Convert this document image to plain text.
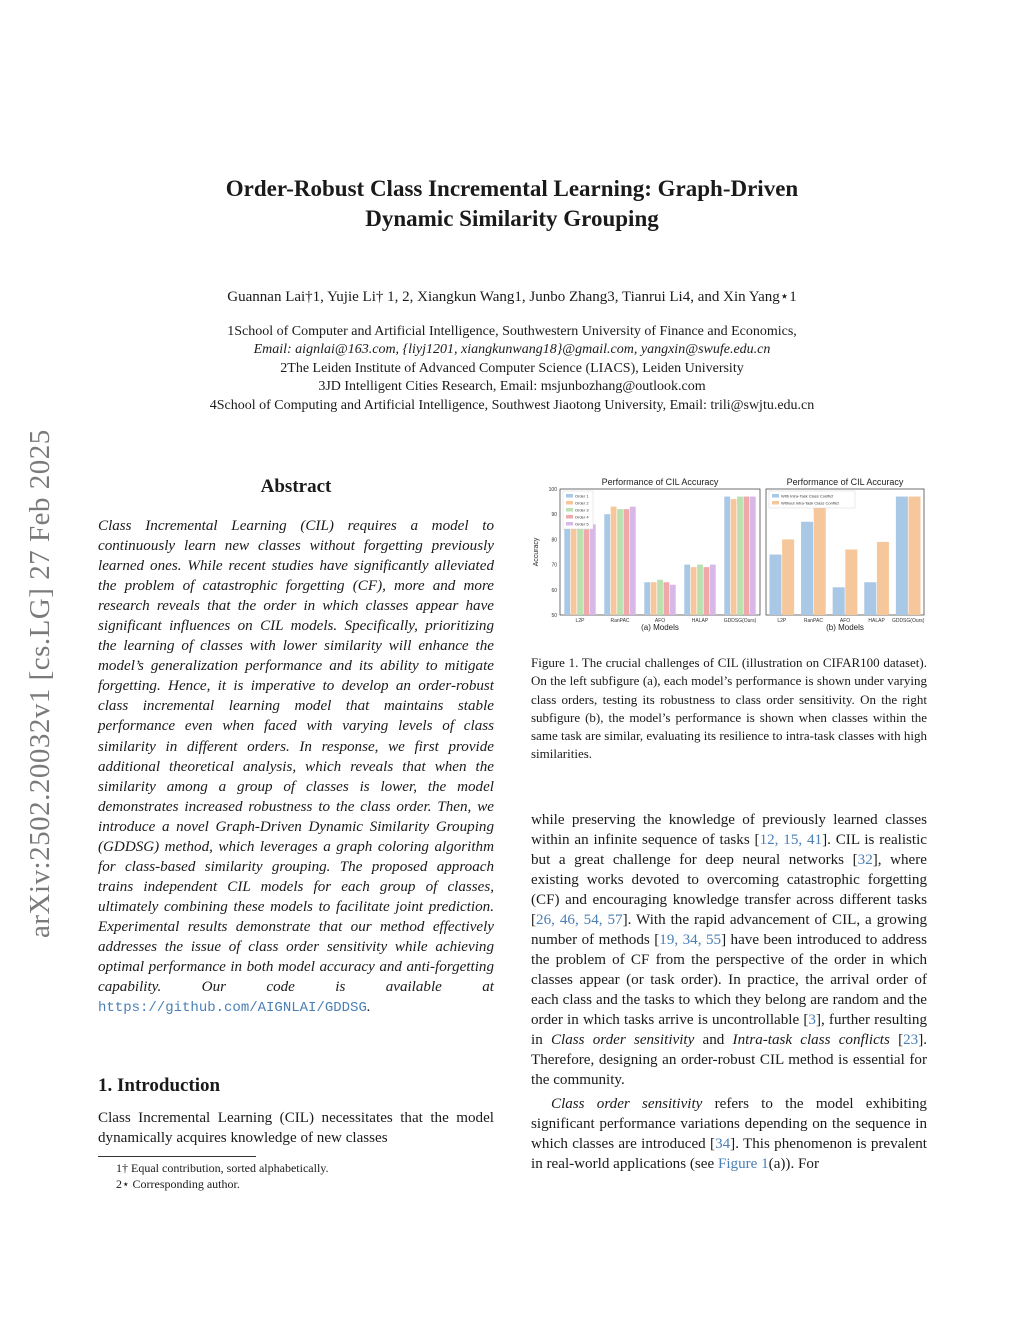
arXiv:2502.20032v1 [cs.LG] 27 Feb 2025
Order-Robust Class Incremental Learning: Graph-Driven
Dynamic Similarity Grouping
Guannan Lai†1, Yujie Li† 1, 2, Xiangkun Wang1, Junbo Zhang3, Tianrui Li4, and Xin Yang⋆1
1School of Computer and Artificial Intelligence, Southwestern University of Finance and Economics,
Email: aignlai@163.com, {liyj1201, xiangkunwang18}@gmail.com, yangxin@swufe.edu.cn
2The Leiden Institute of Advanced Computer Science (LIACS), Leiden University
3JD Intelligent Cities Research, Email: msjunbozhang@outlook.com
4School of Computing and Artificial Intelligence, Southwest Jiaotong University, Email: trili@swjtu.edu.cn
Abstract
Class Incremental Learning (CIL) requires a model to continuously learn new classes without forgetting previously learned ones. While recent studies have significantly alleviated the problem of catastrophic forgetting (CF), more and more research reveals that the order in which classes appear have significant influences on CIL models. Specifically, prioritizing the learning of classes with lower similarity will enhance the model’s generalization performance and its ability to mitigate forgetting. Hence, it is imperative to develop an order-robust class incremental learning model that maintains stable performance even when faced with varying levels of class similarity in different orders. In response, we first provide additional theoretical analysis, which reveals that when the similarity among a group of classes is lower, the model demonstrates increased robustness to the class order. Then, we introduce a novel Graph-Driven Dynamic Similarity Grouping (GDDSG) method, which leverages a graph coloring algorithm for class-based similarity grouping. The proposed approach trains independent CIL models for each group of classes, ultimately combining these models to facilitate joint prediction. Experimental results demonstrate that our method effectively addresses the issue of class order sensitivity while achieving optimal performance in both model accuracy and anti-forgetting capability. Our code is available at https://github.com/AIGNLAI/GDDSG.
1. Introduction
Class Incremental Learning (CIL) necessitates that the model dynamically acquires knowledge of new classes
1† Equal contribution, sorted alphabetically.
2⋆ Corresponding author.
Performance of CIL Accuracy
100
90
80
70
60
50
Accuracy
L2P	RanPAC	AFO	HALAP	GDDSG(Ours)
(a) Models
Order 1
Order 2
Order 3
Order 4
Order 5
Performance of CIL Accuracy
L2P	RanPAC	AFO	HALAP GDDSG(Ours)
(b) Models
With Intra-Task Class Conflict
Without Intra-Task Class Conflict
Figure 1. The crucial challenges of CIL (illustration on CIFAR100 dataset). On the left subfigure (a), each model’s performance is shown under varying class orders, testing its robustness to class order sensitivity. On the right subfigure (b), the model’s performance is shown when classes within the same task are similar, evaluating its resilience to intra-task classes with high similarities.

while preserving the knowledge of previously learned classes within an infinite sequence of tasks [12, 15, 41]. CIL is realistic but a great challenge for deep neural networks [32], where existing works devoted to overcoming catastrophic forgetting (CF) and encouraging knowledge transfer across different tasks [26, 46, 54, 57]. With the rapid advancement of CIL, a growing number of methods [19, 34, 55] have been introduced to address the problem of CF from the perspective of the order in which classes appear (or task order). In practice, the arrival order of each class and the tasks to which they belong are random and the order in which tasks arrive is uncontrollable [3], further resulting in Class order sensitivity and Intra-task class conflicts [23]. Therefore, designing an order-robust CIL method is essential for the community.

Class order sensitivity refers to the model exhibiting significant performance variations depending on the sequence in which classes are introduced [34]. This phenomenon is prevalent in real-world applications (see Figure 1(a)). For
